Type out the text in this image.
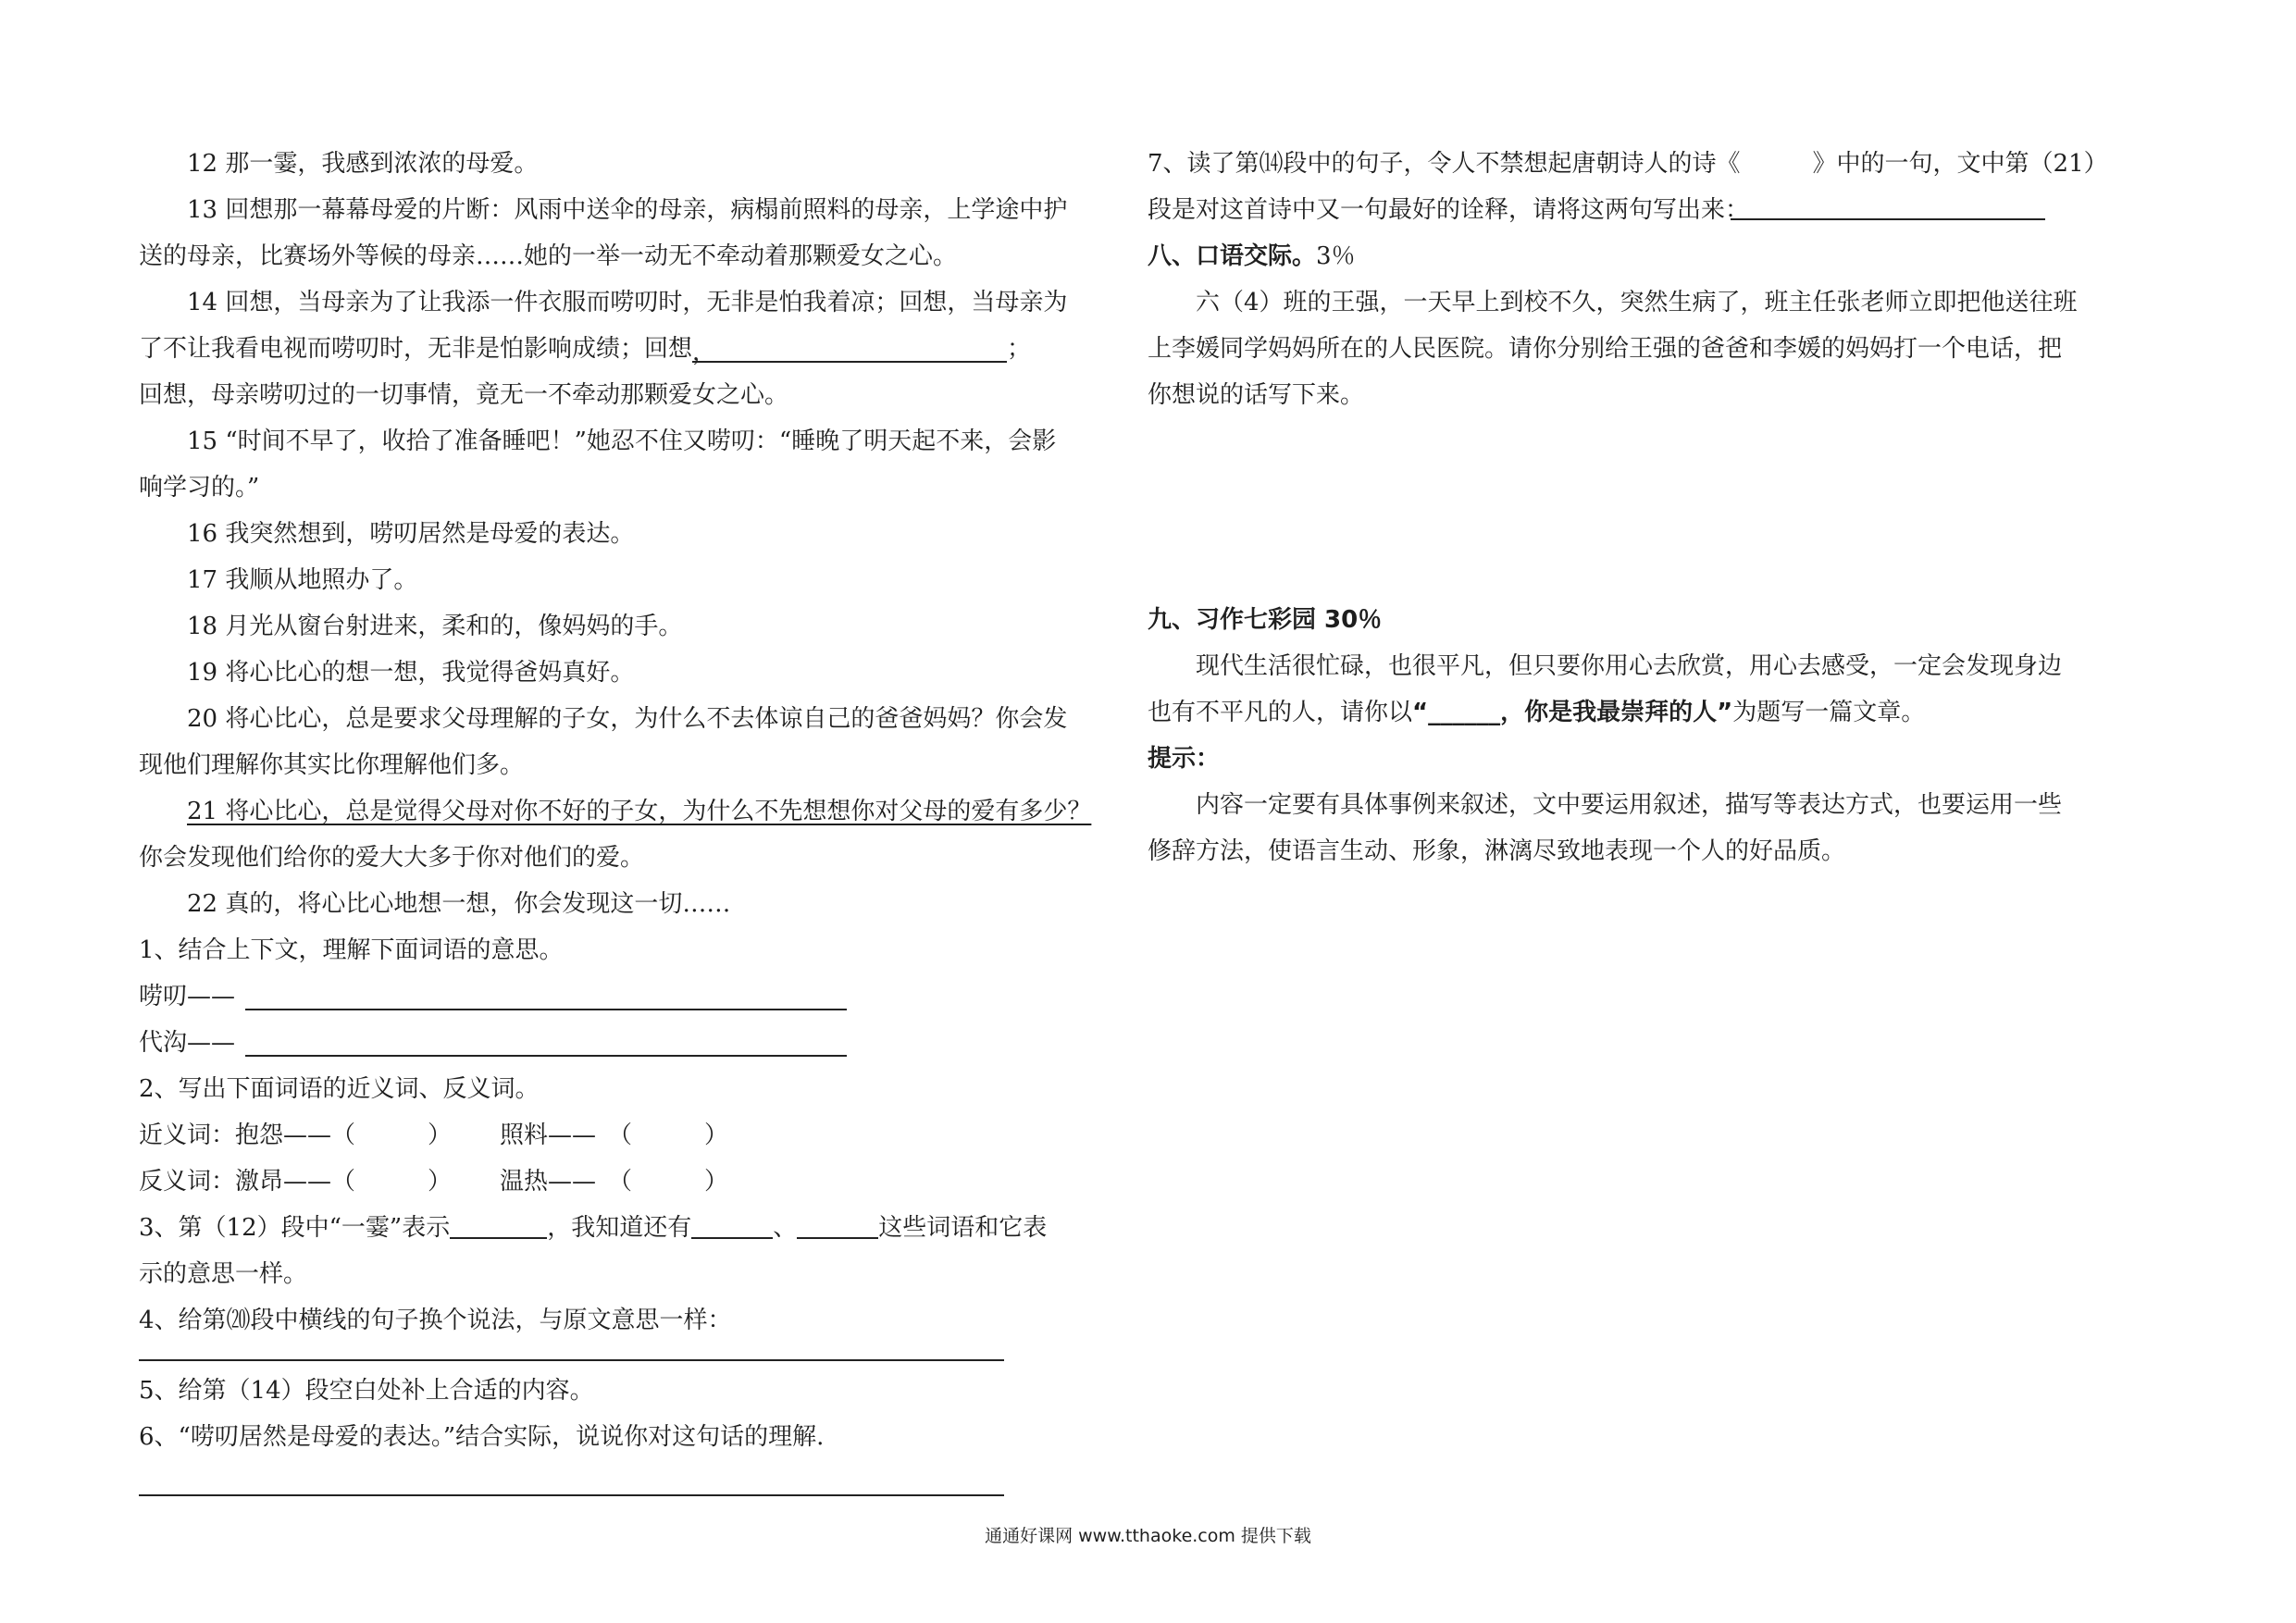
12 那一霎，我感到浓浓的母爱。
13 回想那一幕幕母爱的片断：风雨中送伞的母亲，病榻前照料的母亲，上学途中护
送的母亲，比赛场外等候的母亲……她的一举一动无不牵动着那颗爱女之心。
14 回想，当母亲为了让我添一件衣服而唠叨时，无非是怕我着凉；回想，当母亲为
了不让我看电视而唠叨时，无非是怕影响成绩；回想，	；
回想，母亲唠叨过的一切事情，竟无一不牵动那颗爱女之心。
15 “时间不早了，收拾了准备睡吧！”她忍不住又唠叨：“睡晚了明天起不来，会影
响学习的。”
16 我突然想到，唠叨居然是母爱的表达。
17 我顺从地照办了。
18 月光从窗台射进来，柔和的，像妈妈的手。
19 将心比心的想一想，我觉得爸妈真好。
20 将心比心，总是要求父母理解的子女，为什么不去体谅自己的爸爸妈妈？你会发
现他们理解你其实比你理解他们多。
21 将心比心，总是觉得父母对你不好的子女，为什么不先想想你对父母的爱有多少？
你会发现他们给你的爱大大多于你对他们的爱。
22 真的，将心比心地想一想，你会发现这一切……
1、结合上下文，理解下面词语的意思。
唠叨——
代沟——
2、写出下面词语的近义词、反义词。
近义词：抱怨——（　　　） 照料——　（　　　）
反义词：激昂——（　　　） 温热——　（　　　）
3、第（12）段中“一霎”表示	，我知道还有	、	这些词语和它表
示的意思一样。
4、给第⒇段中横线的句子换个说法，与原文意思一样：
5、给第（14）段空白处补上合适的内容。
6、“唠叨居然是母爱的表达。”结合实际，说说你对这句话的理解.
7、读了第⒁段中的句子，令人不禁想起唐朝诗人的诗《　　　》中的一句，文中第（21）
段是对这首诗中又一句最好的诠释，请将这两句写出来：
八、口语交际。3％
六（4）班的王强，一天早上到校不久，突然生病了，班主任张老师立即把他送往班
上李媛同学妈妈所在的人民医院。请你分别给王强的爸爸和李媛的妈妈打一个电话，把
你想说的话写下来。
九、习作七彩园 30％
现代生活很忙碌，也很平凡，但只要你用心去欣赏，用心去感受，一定会发现身边
也有不平凡的人，请你以“______，你是我最崇拜的人”为题写一篇文章。
提示：
内容一定要有具体事例来叙述，文中要运用叙述，描写等表达方式，也要运用一些
修辞方法，使语言生动、形象，淋漓尽致地表现一个人的好品质。
通通好课网 www.tthaoke.com 提供下载
